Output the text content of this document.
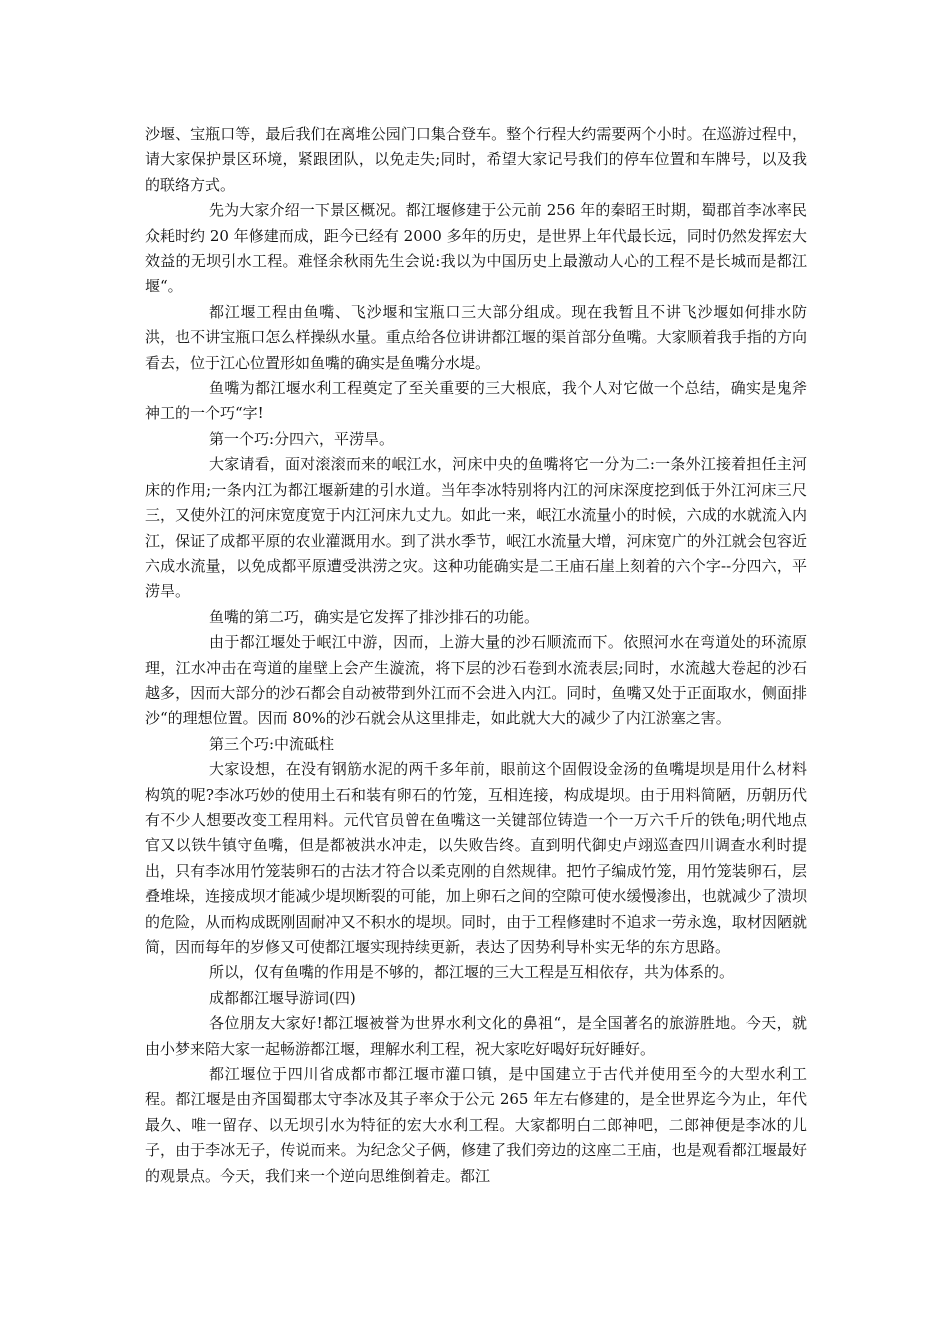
沙堰、宝瓶口等，最后我们在离堆公园门口集合登车。整个行程大约需要两个小时。在巡游过程中，请大家保护景区环境，紧跟团队，以免走失;同时，希望大家记号我们的停车位置和车牌号，以及我的联络方式。

先为大家介绍一下景区概况。都江堰修建于公元前 256 年的秦昭王时期，蜀郡首李冰率民众耗时约 20 年修建而成，距今已经有 2000 多年的历史，是世界上年代最长远，同时仍然发挥宏大效益的无坝引水工程。难怪余秋雨先生会说:我以为中国历史上最激动人心的工程不是长城而是都江堰“。

都江堰工程由鱼嘴、飞沙堰和宝瓶口三大部分组成。现在我暂且不讲飞沙堰如何排水防洪，也不讲宝瓶口怎么样操纵水量。重点给各位讲讲都江堰的渠首部分鱼嘴。大家顺着我手指的方向看去，位于江心位置形如鱼嘴的确实是鱼嘴分水堤。

鱼嘴为都江堰水利工程奠定了至关重要的三大根底，我个人对它做一个总结，确实是鬼斧神工的一个巧“字!

第一个巧:分四六，平涝旱。

大家请看，面对滚滚而来的岷江水，河床中央的鱼嘴将它一分为二:一条外江接着担任主河床的作用;一条内江为都江堰新建的引水道。当年李冰特别将内江的河床深度挖到低于外江河床三尺三，又使外江的河床宽度宽于内江河床九丈九。如此一来，岷江水流量小的时候，六成的水就流入内江，保证了成都平原的农业灌溉用水。到了洪水季节，岷江水流量大增，河床宽广的外江就会包容近六成水流量，以免成都平原遭受洪涝之灾。这种功能确实是二王庙石崖上刻着的六个字--分四六，平涝旱。

鱼嘴的第二巧，确实是它发挥了排沙排石的功能。

由于都江堰处于岷江中游，因而，上游大量的沙石顺流而下。依照河水在弯道处的环流原理，江水冲击在弯道的崖壁上会产生漩流，将下层的沙石卷到水流表层;同时，水流越大卷起的沙石越多，因而大部分的沙石都会自动被带到外江而不会进入内江。同时，鱼嘴又处于正面取水，侧面排沙“的理想位置。因而 80%的沙石就会从这里排走，如此就大大的减少了内江淤塞之害。

第三个巧:中流砥柱

大家设想，在没有钢筋水泥的两千多年前，眼前这个固假设金汤的鱼嘴堤坝是用什么材料构筑的呢?李冰巧妙的使用土石和装有卵石的竹笼，互相连接，构成堤坝。由于用料简陋，历朝历代有不少人想要改变工程用料。元代官员曾在鱼嘴这一关键部位铸造一个一万六千斤的铁龟;明代地点官又以铁牛镇守鱼嘴，但是都被洪水冲走，以失败告终。直到明代御史卢翊巡查四川调查水利时提出，只有李冰用竹笼装卵石的古法才符合以柔克刚的自然规律。把竹子编成竹笼，用竹笼装卵石，层叠堆垛，连接成坝才能减少堤坝断裂的可能，加上卵石之间的空隙可使水缓慢渗出，也就减少了溃坝的危险，从而构成既刚固耐冲又不积水的堤坝。同时，由于工程修建时不追求一劳永逸，取材因陋就简，因而每年的岁修又可使都江堰实现持续更新，表达了因势利导朴实无华的东方思路。

所以，仅有鱼嘴的作用是不够的，都江堰的三大工程是互相依存，共为体系的。

成都都江堰导游词(四)

各位朋友大家好!都江堰被誉为世界水利文化的鼻祖“，是全国著名的旅游胜地。今天，就由小梦来陪大家一起畅游都江堰，理解水利工程，祝大家吃好喝好玩好睡好。

都江堰位于四川省成都市都江堰市灌口镇，是中国建立于古代并使用至今的大型水利工程。都江堰是由齐国蜀郡太守李冰及其子率众于公元 265 年左右修建的，是全世界迄今为止，年代最久、唯一留存、以无坝引水为特征的宏大水利工程。大家都明白二郎神吧，二郎神便是李冰的儿子，由于李冰无子，传说而来。为纪念父子俩，修建了我们旁边的这座二王庙，也是观看都江堰最好的观景点。今天，我们来一个逆向思维倒着走。都江
